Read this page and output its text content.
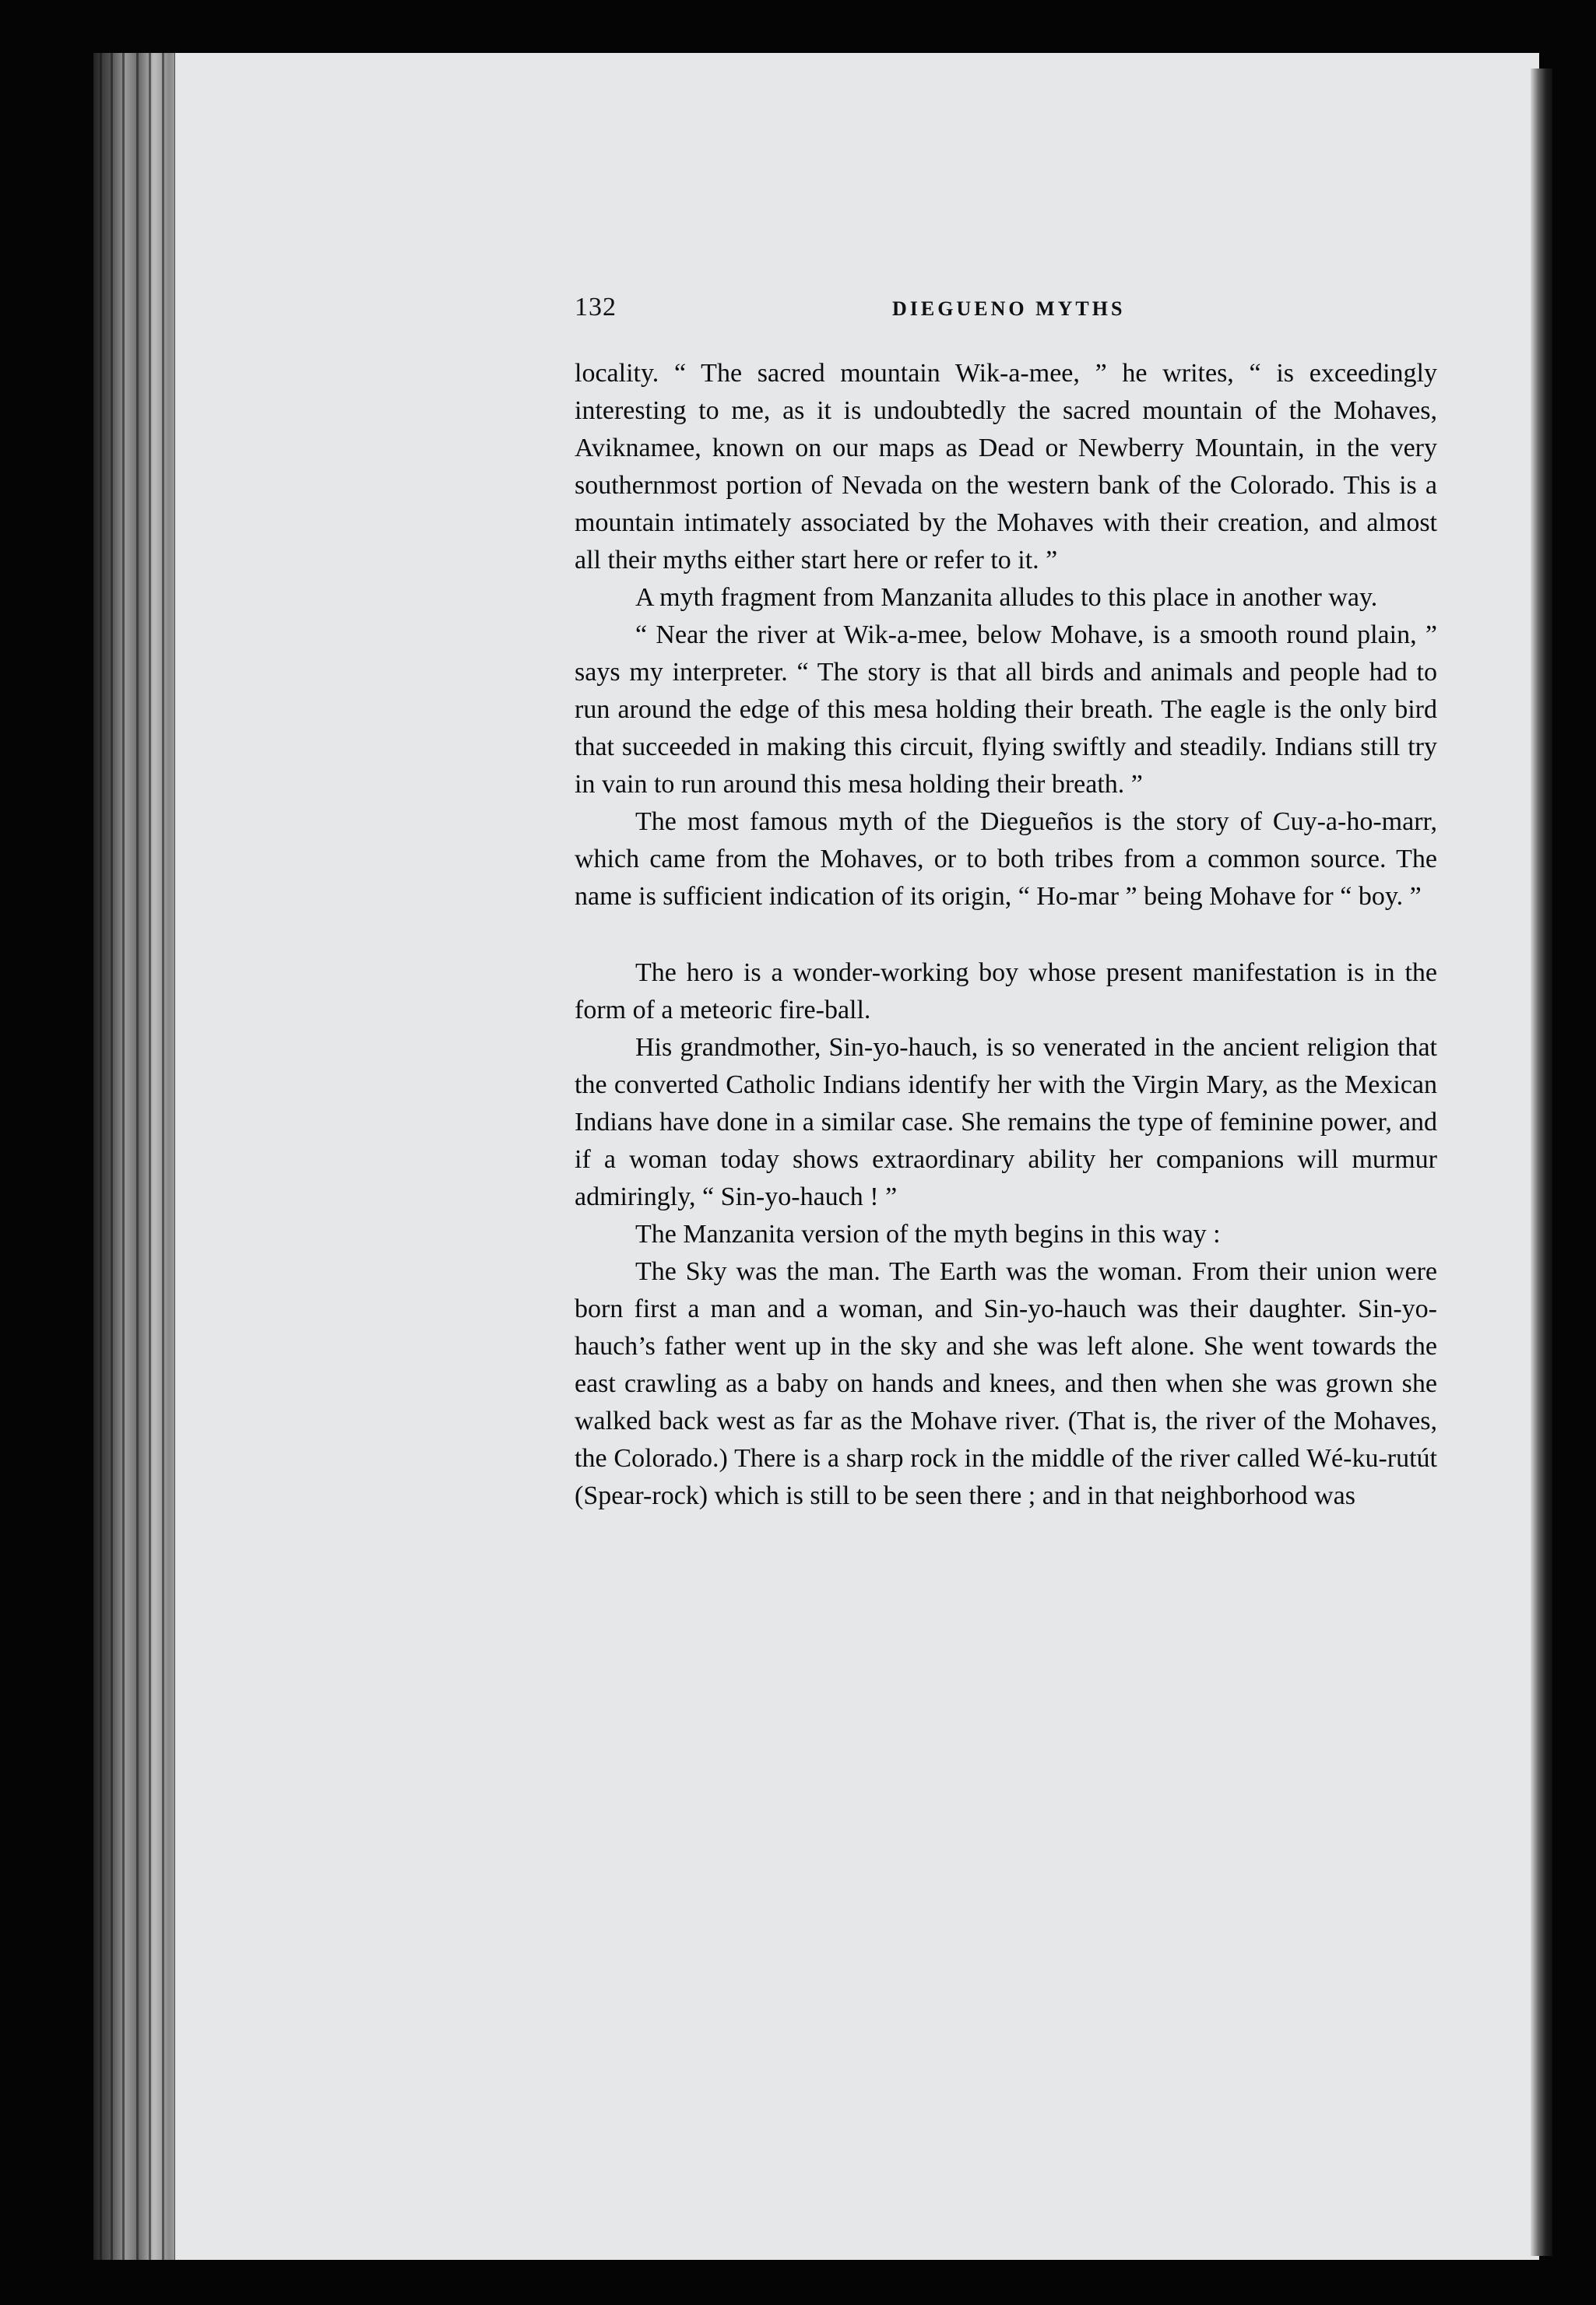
132	DIEGUENO MYTHS

locality. “ The sacred mountain Wik-a-mee, ” he writes, “ is exceedingly interesting to me, as it is undoubtedly the sacred mountain of the Mohaves, Aviknamee, known on our maps as Dead or Newberry Mountain, in the very southernmost portion of Nevada on the western bank of the Colorado. This is a mountain intimately associated by the Mohaves with their creation, and almost all their myths either start here or refer to it. ”

A myth fragment from Manzanita alludes to this place in another way.

“ Near the river at Wik-a-mee, below Mohave, is a smooth round plain, ” says my interpreter. “ The story is that all birds and animals and people had to run around the edge of this mesa holding their breath. The eagle is the only bird that succeeded in making this circuit, flying swiftly and steadily. Indians still try in vain to run around this mesa holding their breath. ”

The most famous myth of the Diegueños is the story of Cuy-a-ho-marr, which came from the Mohaves, or to both tribes from a common source. The name is sufficient indication of its origin, “ Ho-mar ” being Mohave for “ boy. ”

The hero is a wonder-working boy whose present manifestation is in the form of a meteoric fire-ball.

His grandmother, Sin-yo-hauch, is so venerated in the ancient religion that the converted Catholic Indians identify her with the Virgin Mary, as the Mexican Indians have done in a similar case. She remains the type of feminine power, and if a woman today shows extraordinary ability her companions will murmur admiringly, “ Sin-yo-hauch ! ”

The Manzanita version of the myth begins in this way :

The Sky was the man. The Earth was the woman. From their union were born first a man and a woman, and Sin-yo-hauch was their daughter. Sin-yo-hauch’s father went up in the sky and she was left alone. She went towards the east crawling as a baby on hands and knees, and then when she was grown she walked back west as far as the Mohave river. (That is, the river of the Mohaves, the Colorado.) There is a sharp rock in the middle of the river called Wé-ku-rutút (Spear-rock) which is still to be seen there ; and in that neighborhood was
